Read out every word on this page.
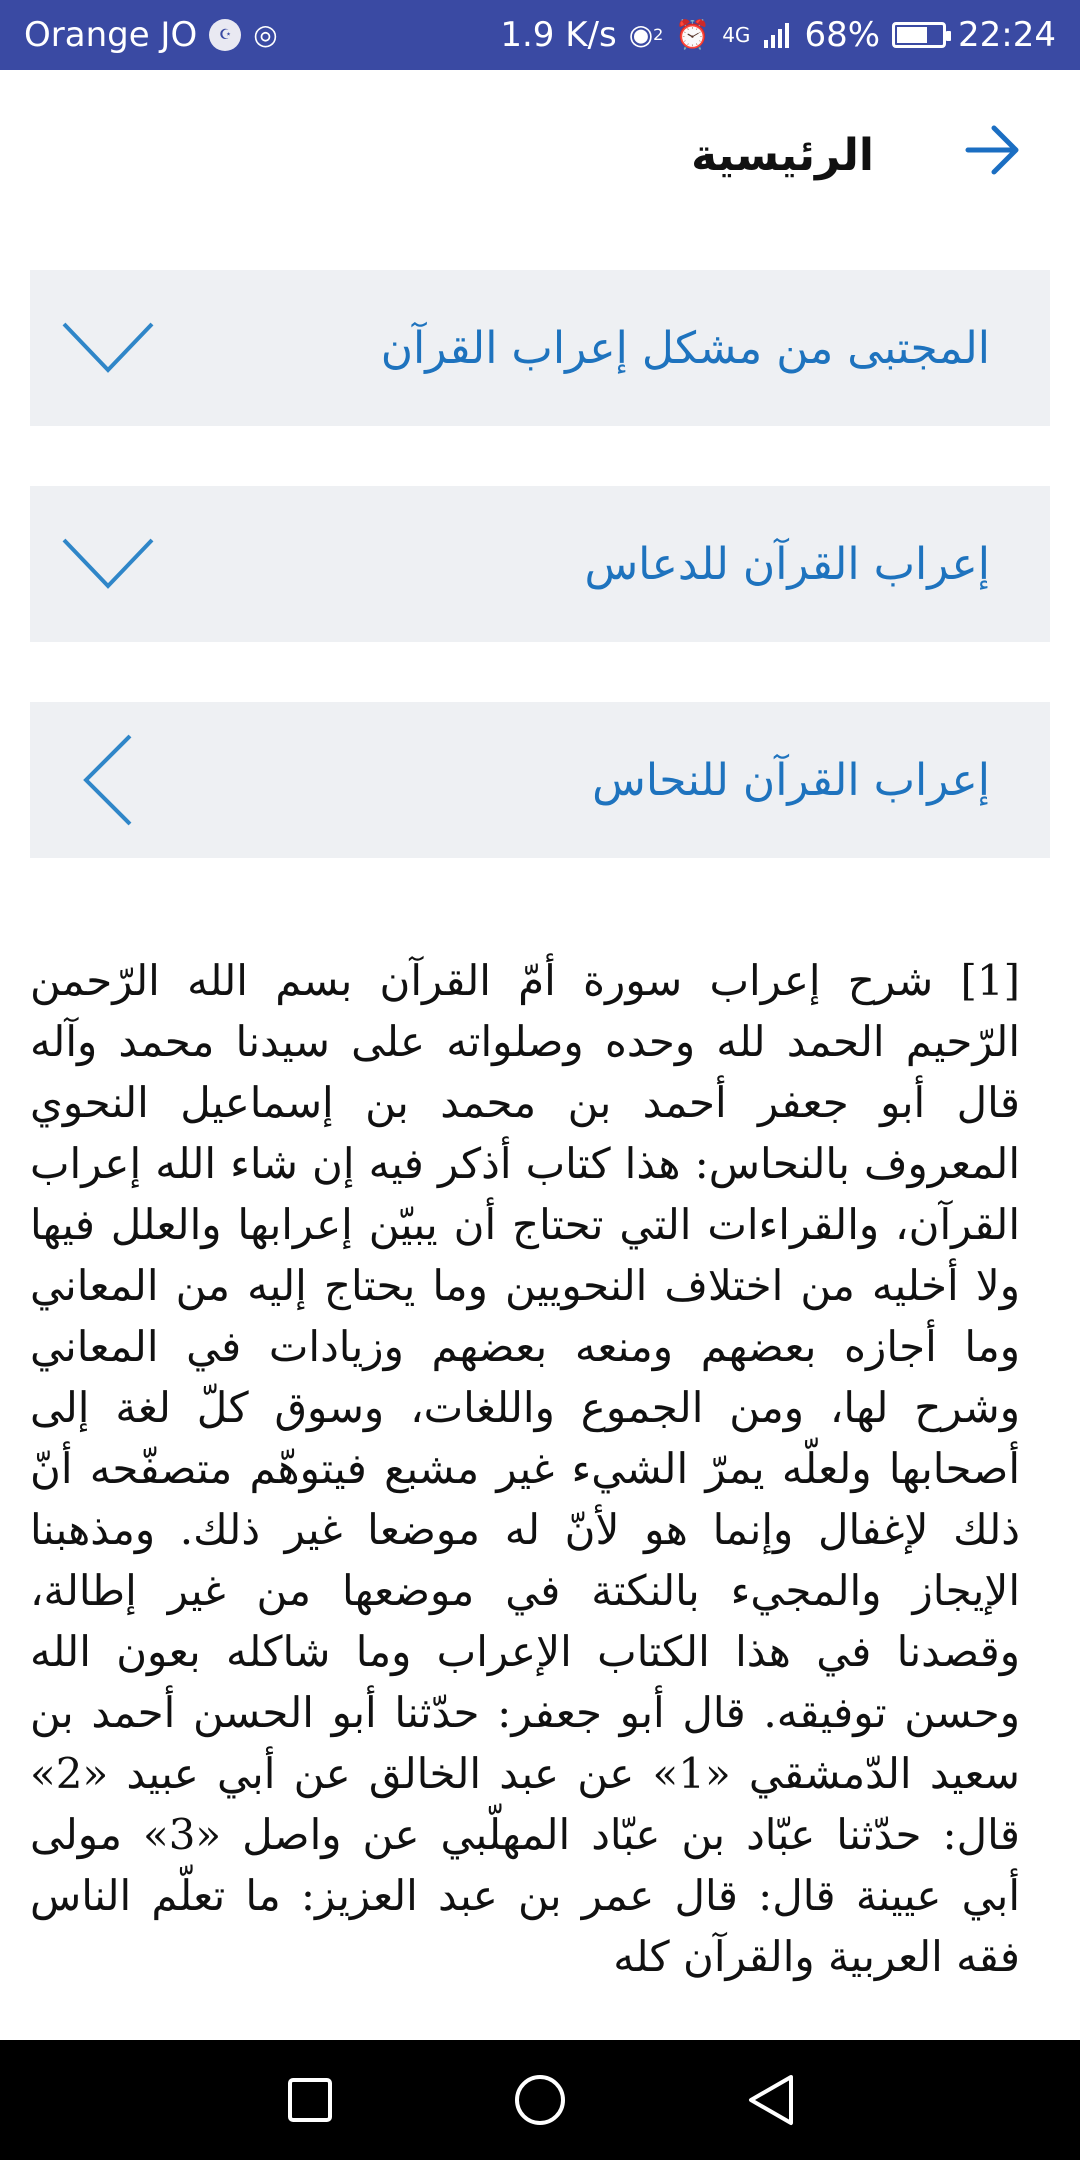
Orange JO	☪ ◎	1.9 K/s ◉ 2 ⏰ 4G 68% 22:24
الرئيسية
المجتبى من مشكل إعراب القرآن
إعراب القرآن للدعاس
إعراب القرآن للنحاس
[1] شرح إعراب سورة أمّ القرآن بسم الله الرّحمن الرّحيم الحمد لله وحده وصلواته على سيدنا محمد وآله قال أبو جعفر أحمد بن محمد بن إسماعيل النحوي المعروف بالنحاس: هذا كتاب أذكر فيه إن شاء الله إعراب القرآن، والقراءات التي تحتاج أن يبيّن إعرابها والعلل فيها ولا أخليه من اختلاف النحويين وما يحتاج إليه من المعاني وما أجازه بعضهم ومنعه بعضهم وزيادات في المعاني وشرح لها، ومن الجموع واللغات، وسوق كلّ لغة إلى أصحابها ولعلّه يمرّ الشيء غير مشبع فيتوهّم متصفّحه أنّ ذلك لإغفال وإنما هو لأنّ له موضعا غير ذلك. ومذهبنا الإيجاز والمجيء بالنكتة في موضعها من غير إطالة، وقصدنا في هذا الكتاب الإعراب وما شاكله بعون الله وحسن توفيقه. قال أبو جعفر: حدّثنا أبو الحسن أحمد بن سعيد الدّمشقي «1» عن عبد الخالق عن أبي عبيد «2» قال: حدّثنا عبّاد بن عبّاد المهلّبي عن واصل «3» مولى أبي عيينة قال: قال عمر بن عبد العزيز: ما تعلّم الناس فقه العربية والقرآن كله
